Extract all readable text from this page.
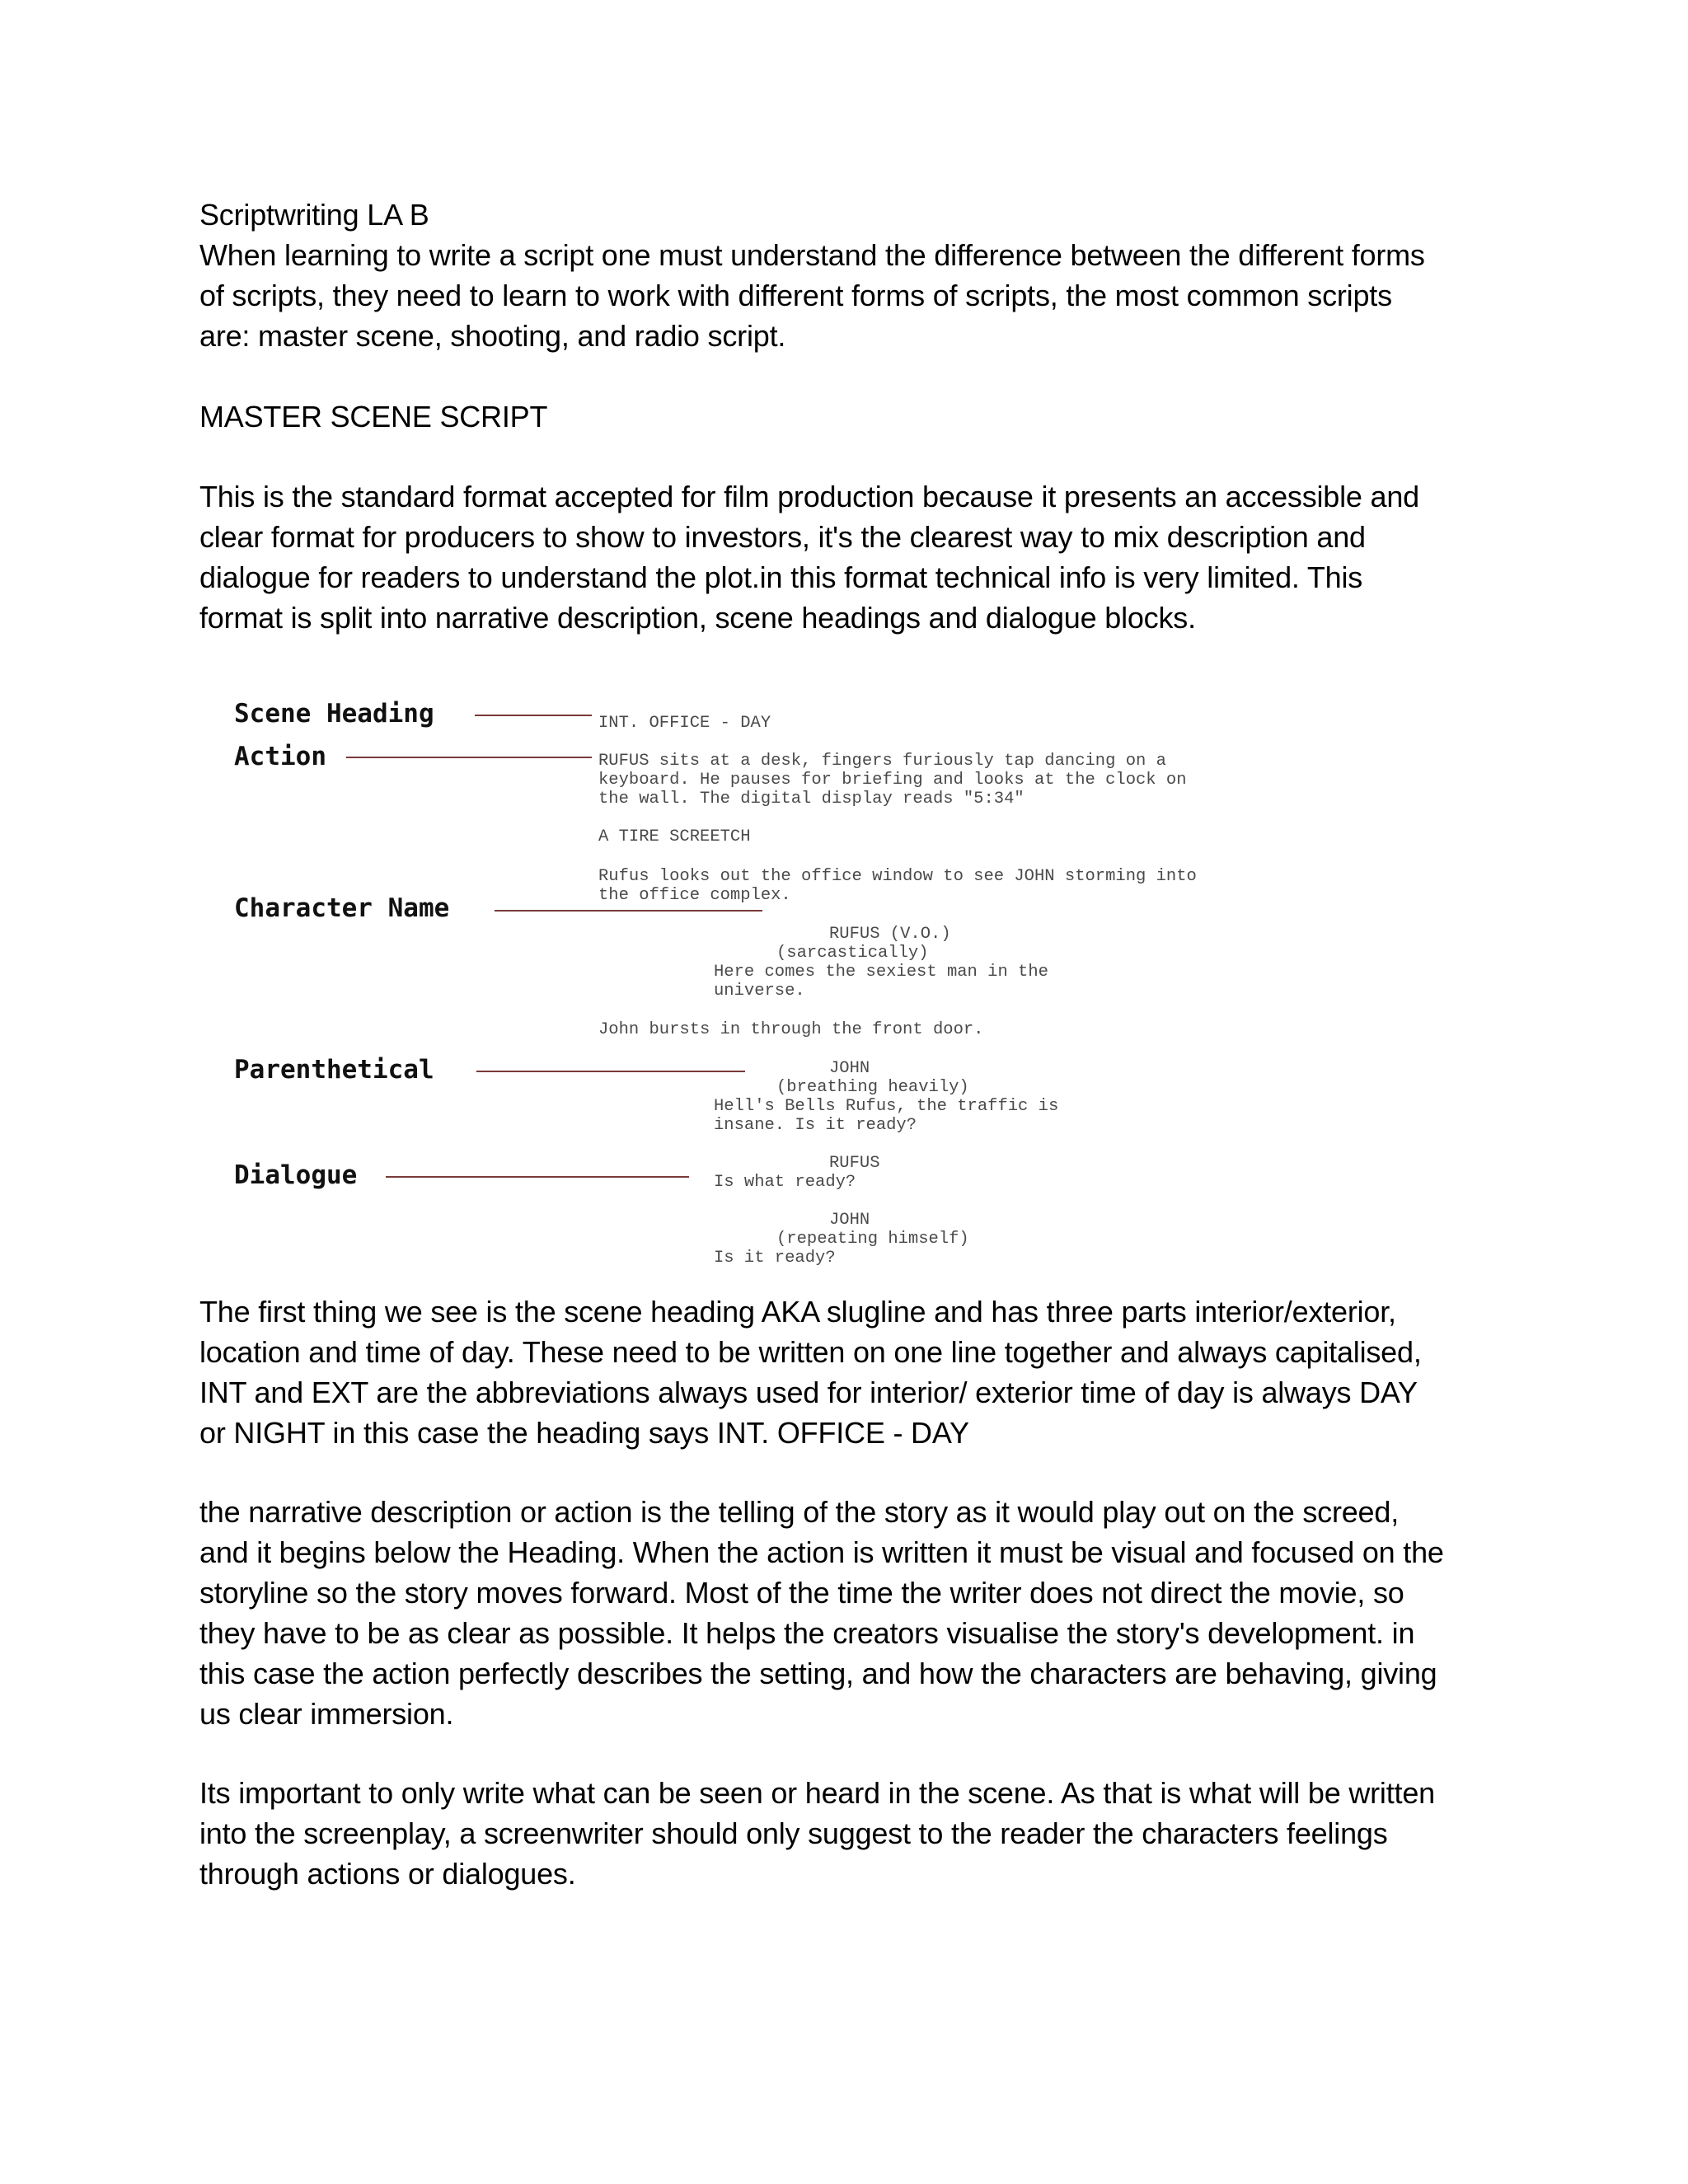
Scriptwriting LA B
When learning to write a script one must understand the difference between the different forms
of scripts, they need to learn to work with different forms of scripts, the most common scripts
are: master scene, shooting, and radio script.
MASTER SCENE SCRIPT
This is the standard format accepted for film production because it presents an accessible and
clear format for producers to show to investors, it's the clearest way to mix description and
dialogue for readers to understand the plot.in this format technical info is very limited. This
format is split into narrative description, scene headings and dialogue blocks.
Scene Heading
Action
Character Name
Parenthetical
Dialogue
INT. OFFICE - DAY
RUFUS sits at a desk, fingers furiously tap dancing on a
keyboard. He pauses for briefing and looks at the clock on
the wall. The digital display reads "5:34"
A TIRE SCREETCH
Rufus looks out the office window to see JOHN storming into
the office complex.
RUFUS (V.O.)
(sarcastically)
Here comes the sexiest man in the
universe.
John bursts in through the front door.
JOHN
(breathing heavily)
Hell's Bells Rufus, the traffic is
insane. Is it ready?
RUFUS
Is what ready?
JOHN
(repeating himself)
Is it ready?
The first thing we see is the scene heading AKA slugline and has three parts interior/exterior,
location and time of day. These need to be written on one line together and always capitalised,
INT and EXT are the abbreviations always used for interior/ exterior time of day is always DAY
or NIGHT in this case the heading says INT. OFFICE - DAY
the narrative description or action is the telling of the story as it would play out on the screed,
and it begins below the Heading. When the action is written it must be visual and focused on the
storyline so the story moves forward. Most of the time the writer does not direct the movie, so
they have to be as clear as possible. It helps the creators visualise the story's development. in
this case the action perfectly describes the setting, and how the characters are behaving, giving
us clear immersion.
Its important to only write what can be seen or heard in the scene. As that is what will be written
into the screenplay, a screenwriter should only suggest to the reader the characters feelings
through actions or dialogues.
